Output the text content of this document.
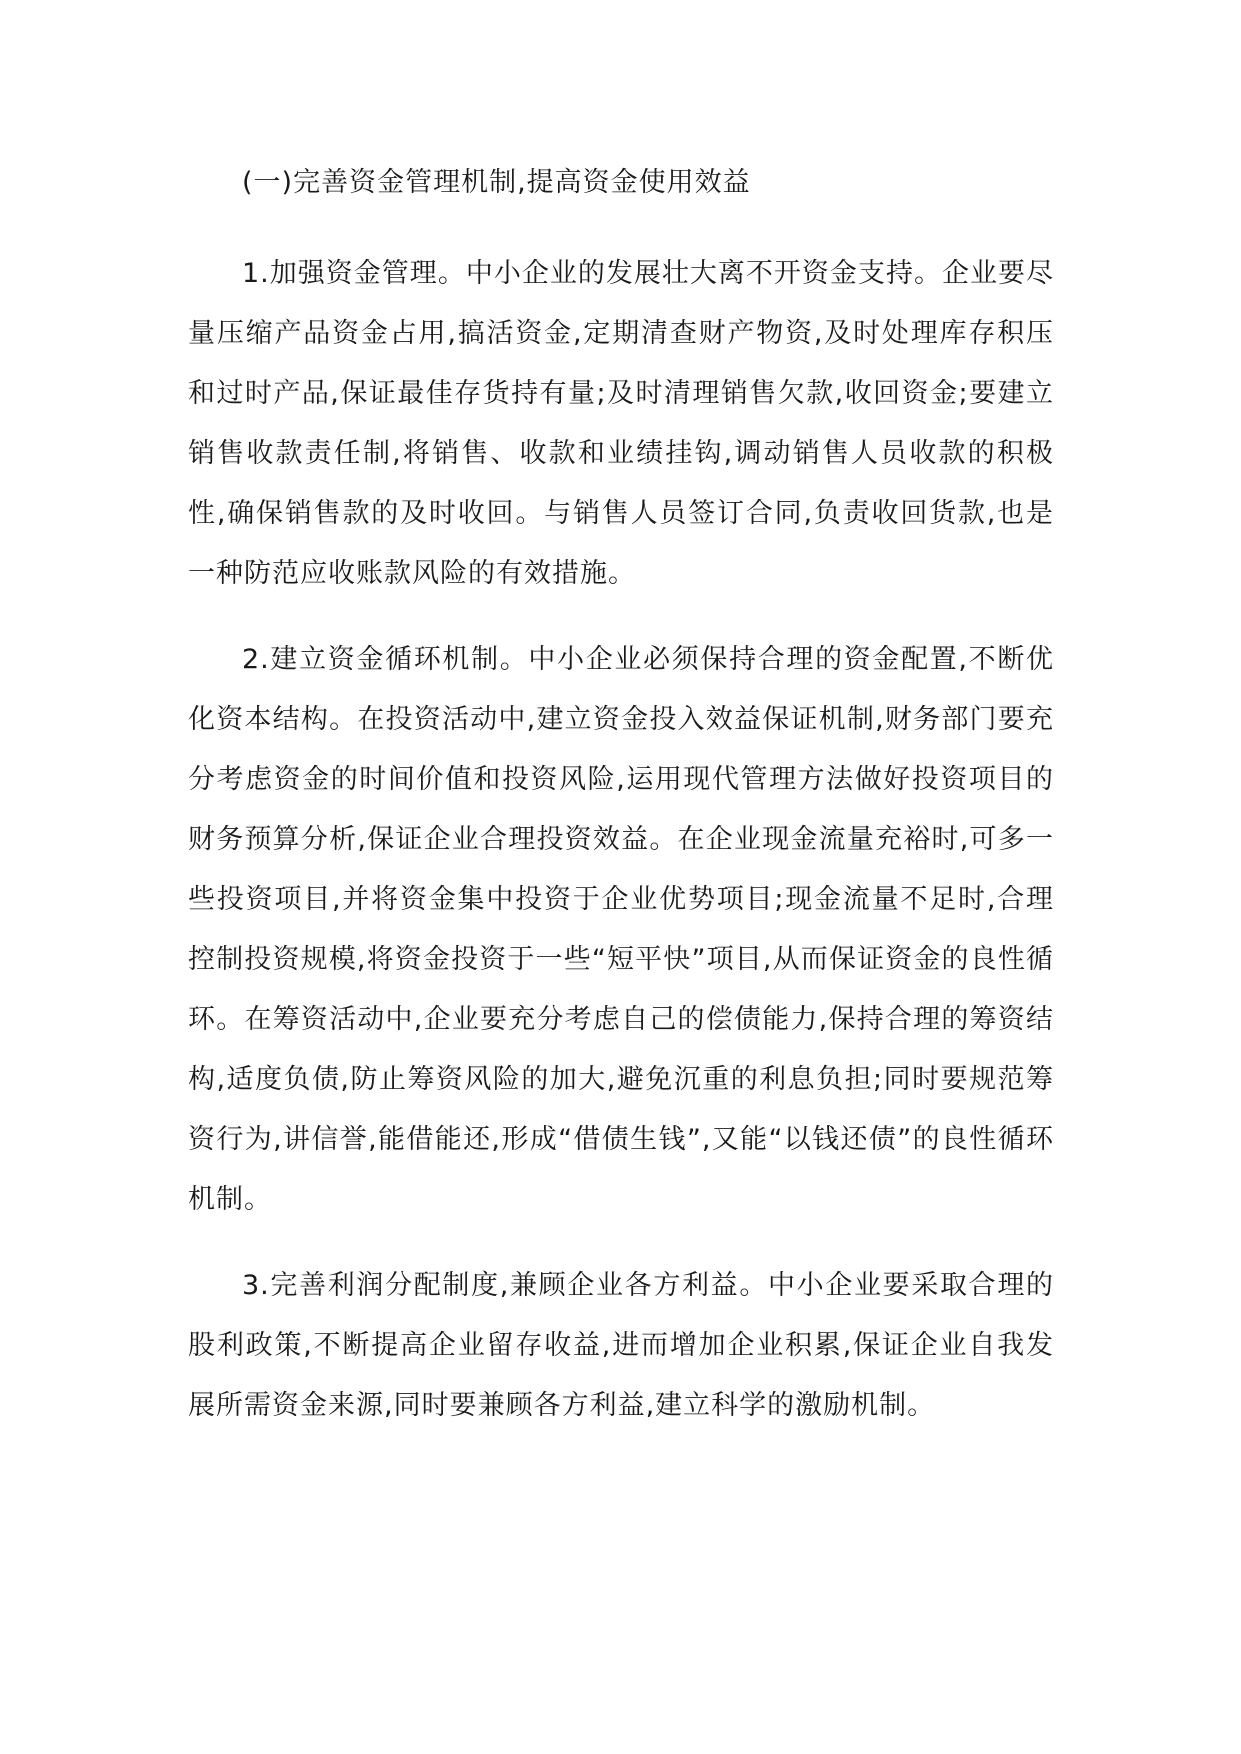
(一)完善资金管理机制,提高资金使用效益

1.加强资金管理。中小企业的发展壮大离不开资金支持。企业要尽量压缩产品资金占用,搞活资金,定期清查财产物资,及时处理库存积压和过时产品,保证最佳存货持有量;及时清理销售欠款,收回资金;要建立销售收款责任制,将销售、收款和业绩挂钩,调动销售人员收款的积极性,确保销售款的及时收回。与销售人员签订合同,负责收回货款,也是一种防范应收账款风险的有效措施。

2.建立资金循环机制。中小企业必须保持合理的资金配置,不断优化资本结构。在投资活动中,建立资金投入效益保证机制,财务部门要充分考虑资金的时间价值和投资风险,运用现代管理方法做好投资项目的财务预算分析,保证企业合理投资效益。在企业现金流量充裕时,可多一些投资项目,并将资金集中投资于企业优势项目;现金流量不足时,合理控制投资规模,将资金投资于一些“短平快”项目,从而保证资金的良性循环。在筹资活动中,企业要充分考虑自己的偿债能力,保持合理的筹资结构,适度负债,防止筹资风险的加大,避免沉重的利息负担;同时要规范筹资行为,讲信誉,能借能还,形成“借债生钱”,又能“以钱还债”的良性循环机制。

3.完善利润分配制度,兼顾企业各方利益。中小企业要采取合理的股利政策,不断提高企业留存收益,进而增加企业积累,保证企业自我发展所需资金来源,同时要兼顾各方利益,建立科学的激励机制。
